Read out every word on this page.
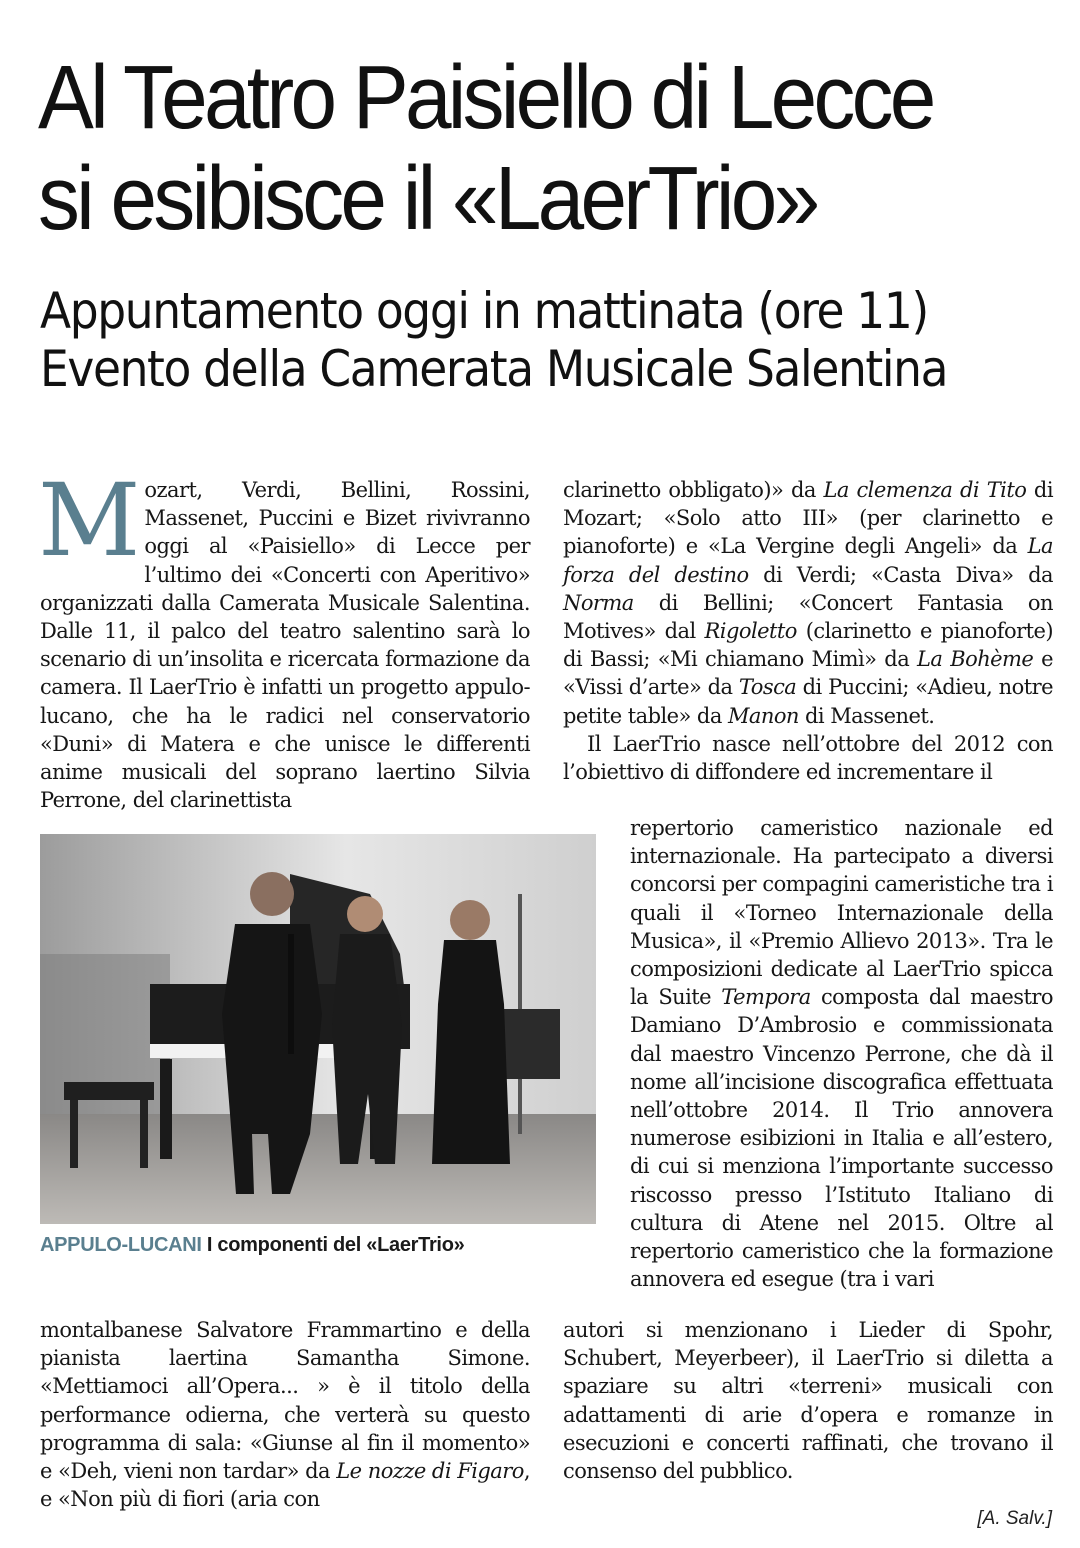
Al Teatro Paisiello di Lecce
si esibisce il «LaerTrio»
Appuntamento oggi in mattinata (ore 11)
Evento della Camerata Musicale Salentina

Mozart, Verdi, Bellini, Rossini, Massenet, Puccini e Bizet rivivranno oggi al «Paisiello» di Lecce per l’ultimo dei «Concerti con Aperitivo» organizzati dalla Camerata Musicale Salentina. Dalle 11, il palco del teatro salentino sarà lo scenario di un’insolita e ricercata formazione da camera. Il LaerTrio è infatti un progetto appulo-lucano, che ha le radici nel conservatorio «Duni» di Matera e che unisce le differenti anime musicali del soprano laertino Silvia Perrone, del clarinettista

APPULO-LUCANI I componenti del «LaerTrio»

montalbanese Salvatore Frammartino e della pianista laertina Samantha Simone. «Mettiamoci all’Opera... » è il titolo della performance odierna, che verterà su questo programma di sala: «Giunse al fin il momento» e «Deh, vieni non tardar» da Le nozze di Figaro, e «Non più di fiori (aria con

clarinetto obbligato)» da La clemenza di Tito di Mozart; «Solo atto III» (per clarinetto e pianoforte) e «La Vergine degli Angeli» da La forza del destino di Verdi; «Casta Diva» da Norma di Bellini; «Concert Fantasia on Motives» dal Rigoletto (clarinetto e pianoforte) di Bassi; «Mi chiamano Mimì» da La Bohème e «Vissi d’arte» da Tosca di Puccini; «Adieu, notre petite table» da Manon di Massenet.

Il LaerTrio nasce nell’ottobre del 2012 con l’obiettivo di diffondere ed incrementare il

repertorio cameristico nazionale ed internazionale. Ha partecipato a diversi concorsi per compagini cameristiche tra i quali il «Torneo Internazionale della Musica», il «Premio Allievo 2013». Tra le composizioni dedicate al LaerTrio spicca la Suite Tempora composta dal maestro Damiano D’Ambrosio e commissionata dal maestro Vincenzo Perrone, che dà il nome all’incisione discografica effettuata nell’ottobre 2014. Il Trio annovera numerose esibizioni in Italia e all’estero, di cui si menziona l’importante successo riscosso presso l’Istituto Italiano di cultura di Atene nel 2015. Oltre al repertorio cameristico che la formazione annovera ed esegue (tra i vari

autori si menzionano i Lieder di Spohr, Schubert, Meyerbeer), il LaerTrio si diletta a spaziare su altri «terreni» musicali con adattamenti di arie d’opera e romanze in esecuzioni e concerti raffinati, che trovano il consenso del pubblico.

[A. Salv.]
